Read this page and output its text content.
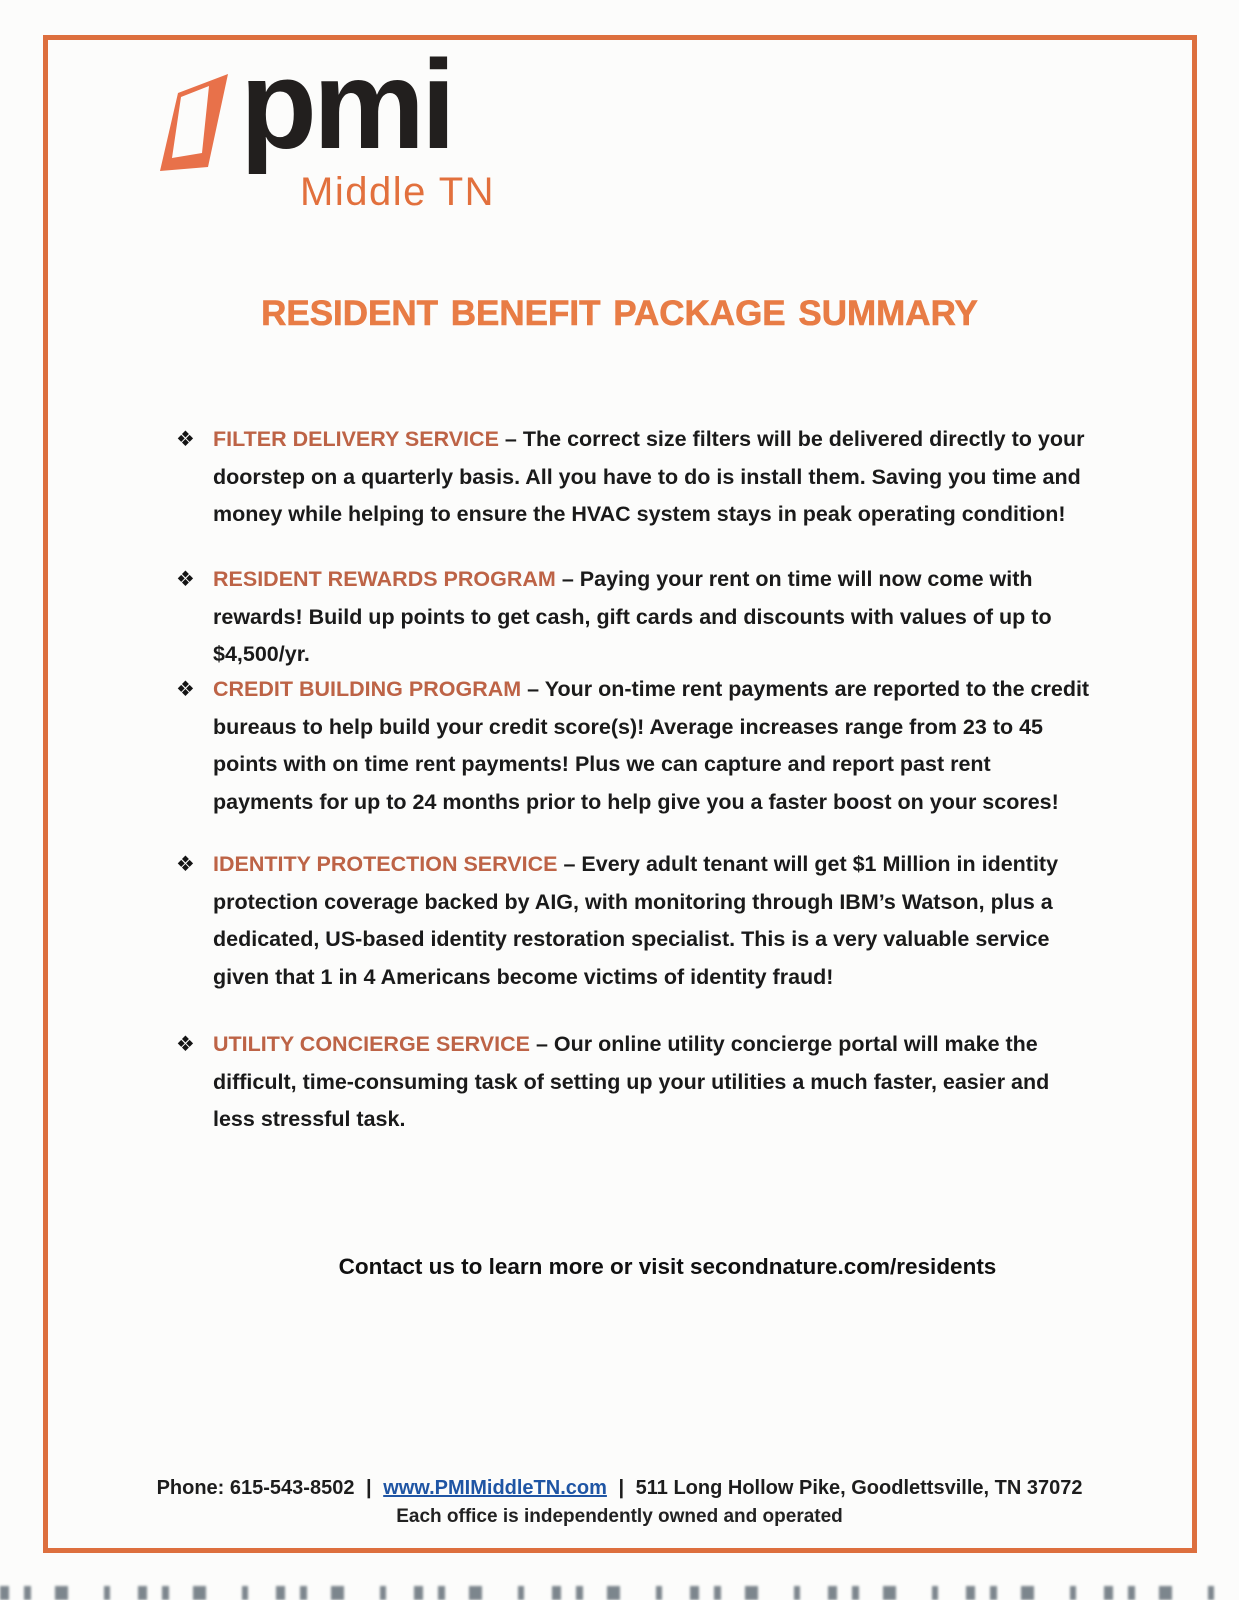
pmi
Middle TN
RESIDENT BENEFIT PACKAGE SUMMARY
❖ FILTER DELIVERY SERVICE – The correct size filters will be delivered directly to your doorstep on a quarterly basis. All you have to do is install them. Saving you time and money while helping to ensure the HVAC system stays in peak operating condition!

❖ RESIDENT REWARDS PROGRAM – Paying your rent on time will now come with rewards! Build up points to get cash, gift cards and discounts with values of up to $4,500/yr.

❖ CREDIT BUILDING PROGRAM – Your on-time rent payments are reported to the credit bureaus to help build your credit score(s)! Average increases range from 23 to 45 points with on time rent payments! Plus we can capture and report past rent payments for up to 24 months prior to help give you a faster boost on your scores!

❖ IDENTITY PROTECTION SERVICE – Every adult tenant will get $1 Million in identity protection coverage backed by AIG, with monitoring through IBM’s Watson, plus a dedicated, US-based identity restoration specialist. This is a very valuable service given that 1 in 4 Americans become victims of identity fraud!

❖ UTILITY CONCIERGE SERVICE – Our online utility concierge portal will make the difficult, time-consuming task of setting up your utilities a much faster, easier and less stressful task.

Contact us to learn more or visit secondnature.com/residents
Phone: 615-543-8502 | www.PMIMiddleTN.com | 511 Long Hollow Pike, Goodlettsville, TN 37072
Each office is independently owned and operated
